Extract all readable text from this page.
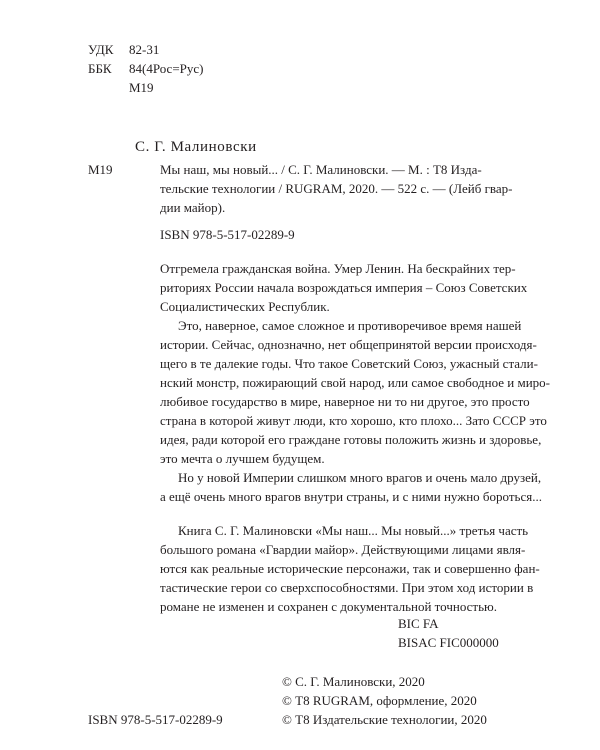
УДК	82-31
ББК	84(4Рос=Рус)
М19
С. Г. Малиновски
М19	Мы наш, мы новый... / С. Г. Малиновски. — М. : Т8 Издa-
тельские технологии / RUGRAM, 2020. — 522 с. — (Лейб гвар-
дии майор).
ISBN 978-5-517-02289-9
Отгремела гражданская война. Умер Ленин. На бескрайних тер-
риториях России начала возрождаться империя – Союз Советских
Социалистических Республик.
Это, наверное, самое сложное и противоречивое время нашей
истории. Сейчас, однозначно, нет общепринятой версии происходя-
щего в те далекие годы. Что такое Советский Союз, ужасный стали-
нский монстр, пожирающий свой народ, или самое свободное и миро-
любивое государство в мире, наверное ни то ни другое, это просто
страна в которой живут люди, кто хорошо, кто плохо... Зато СССР это
идея, ради которой его граждане готовы положить жизнь и здоровье,
это мечта о лучшем будущем.
Но у новой Империи слишком много врагов и очень мало друзей,
а ещё очень много врагов внутри страны, и с ними нужно бороться...
Книга С. Г. Малиновски «Мы наш... Мы новый...» третья часть
большого романа «Гвардии майор». Действующими лицами явля-
ются как реальные исторические персонажи, так и совершенно фан-
тастические герои со сверхспособностями. При этом ход истории в
романе не изменен и сохранен с документальной точностью.
BIC FA
BISAC FIC000000
© С. Г. Малиновски, 2020
© Т8 RUGRAM, оформление, 2020
© Т8 Издательские технологии, 2020
ISBN 978-5-517-02289-9
